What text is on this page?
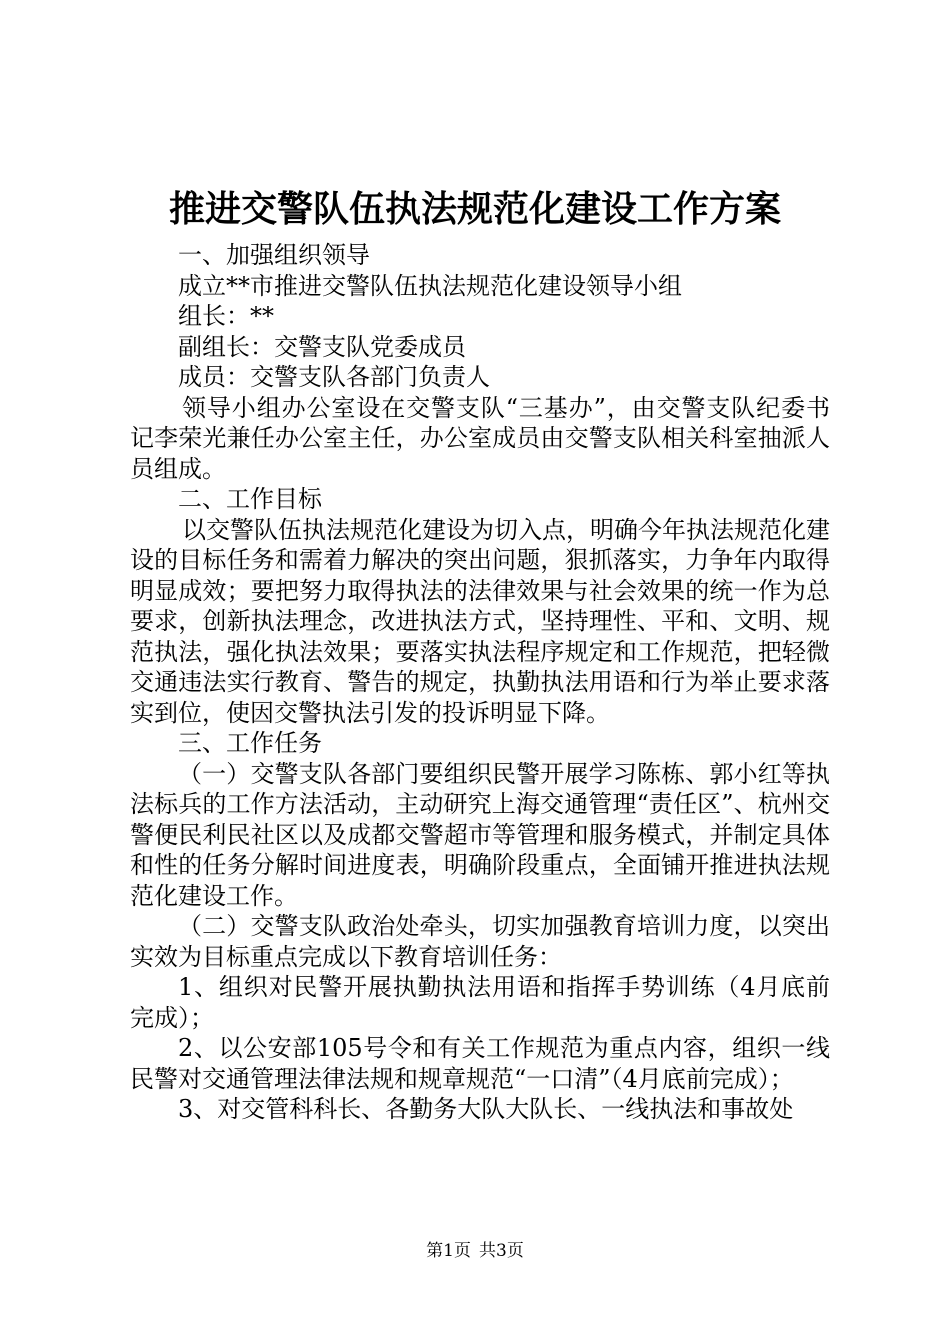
推进交警队伍执法规范化建设工作方案

一、加强组织领导

成立**市推进交警队伍执法规范化建设领导小组

组长：**

副组长：交警支队党委成员

成员：交警支队各部门负责人

领导小组办公室设在交警支队“三基办”，由交警支队纪委书记李荣光兼任办公室主任，办公室成员由交警支队相关科室抽派人员组成。

二、工作目标

以交警队伍执法规范化建设为切入点，明确今年执法规范化建设的目标任务和需着力解决的突出问题，狠抓落实，力争年内取得明显成效；要把努力取得执法的法律效果与社会效果的统一作为总要求，创新执法理念，改进执法方式，坚持理性、平和、文明、规范执法，强化执法效果；要落实执法程序规定和工作规范，把轻微交通违法实行教育、警告的规定，执勤执法用语和行为举止要求落实到位，使因交警执法引发的投诉明显下降。

三、工作任务

（一）交警支队各部门要组织民警开展学习陈栋、郭小红等执法标兵的工作方法活动，主动研究上海交通管理“责任区”、杭州交警便民利民社区以及成都交警超市等管理和服务模式，并制定具体和性的任务分解时间进度表，明确阶段重点，全面铺开推进执法规范化建设工作。

（二）交警支队政治处牵头，切实加强教育培训力度，以突出实效为目标重点完成以下教育培训任务：

1、组织对民警开展执勤执法用语和指挥手势训练（4月底前完成）；

2、以公安部105号令和有关工作规范为重点内容，组织一线民警对交通管理法律法规和规章规范“一口清”（4月底前完成）；

3、对交管科科长、各勤务大队大队长、一线执法和事故处

第1页 共3页
